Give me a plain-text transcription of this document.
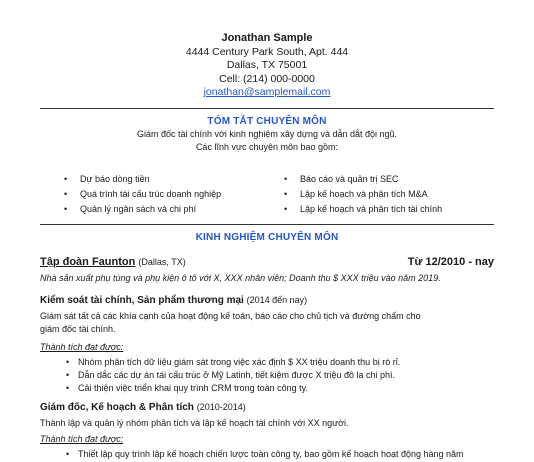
Jonathan Sample
4444 Century Park South, Apt. 444
Dallas, TX 75001
Cell: (214) 000-0000
jonathan@samplemail.com
TÓM TẮT CHUYÊN MÔN
Giám đốc tài chính với kinh nghiệm xây dựng và dẫn dắt đội ngũ.
Các lĩnh vực chuyên môn bao gồm:
• Dự báo dòng tiền
• Quá trình tái cấu trúc doanh nghiệp
• Quản lý ngân sách và chi phí
• Báo cáo và quản trị SEC
• Lập kế hoạch và phân tích M&A
• Lập kế hoạch và phân tích tài chính
KINH NGHIỆM CHUYÊN MÔN
Tập đoàn Faunton (Dallas, TX)	Từ 12/2010 - nay
Nhà sản xuất phụ tùng và phụ kiện ô tô với X, XXX nhân viên; Doanh thu $ XXX triệu vào năm 2019.
Kiểm soát tài chính, Sản phẩm thương mại (2014 đến nay)
Giám sát tất cả các khía cạnh của hoạt động kế toán, báo cáo cho chủ tịch và đường chấm cho
giám đốc tài chính.
Thành tích đạt được:
• Nhóm phân tích dữ liệu giám sát trong việc xác định $ XX triệu doanh thu bị rò rỉ.
• Dẫn dắc các dự án tái cấu trúc ở Mỹ Latinh, tiết kiệm được X triệu đô la chi phí.
• Cải thiện việc triển khai quy trình CRM trong toàn công ty.
Giám đốc, Kế hoạch & Phân tích (2010-2014)
Thành lập và quản lý nhóm phân tích và lập kế hoạch tài chính với XX người.
Thành tích đạt được:
• Thiết lập quy trình lập kế hoạch chiến lược toàn công ty, bao gồm kế hoạch hoạt động hàng năm
